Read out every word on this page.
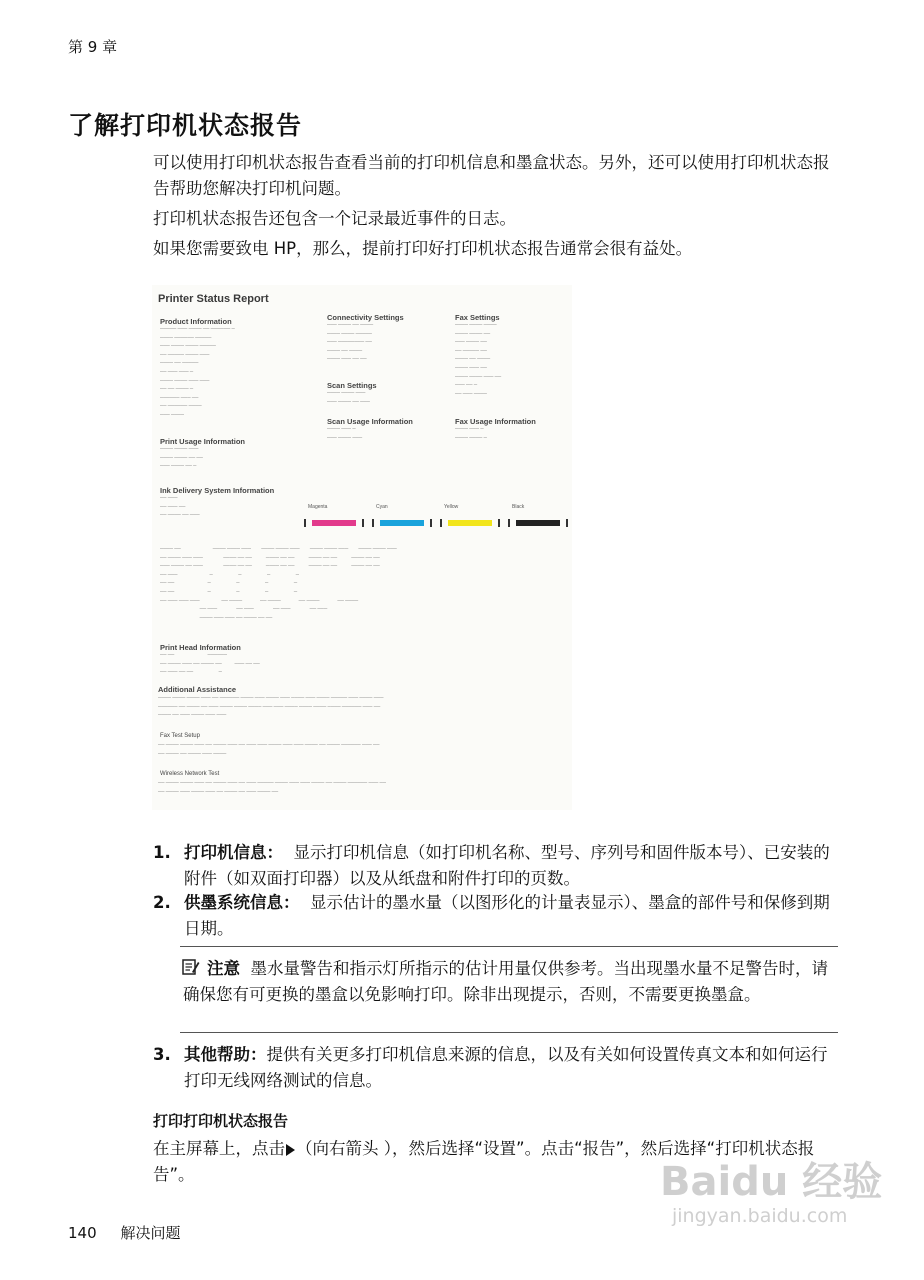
第 9 章
了解打印机状态报告
可以使用打印机状态报告查看当前的打印机信息和墨盒状态。另外，还可以使用打印机状态报告帮助您解决打印机问题。
打印机状态报告还包含一个记录最近事件的日志。
如果您需要致电 HP，那么，提前打印好打印机状态报告通常会很有益处。
Printer Status Report
Product Information
───── ─── ──── ── ────── ─
──── ────── ─────
─── ──── ──── ─────
── ───── ──── ───
──── ── ─────
── ─── ─── ─
──── ──── ─── ───
── ── ──── ─
────── ─── ──
── ────── ────
─── ────
Connectivity Settings
─── ──── ── ────
──── ──── ─────
─── ──────── ──
──── ── ────
──── ─── ── ──
Scan Settings
──── ──── ───
─── ──── ── ───
Scan Usage Information
──── ─── ─
─── ──── ───
Fax Settings
──── ──── ────
──── ──── ──
─── ──── ──
── ───── ──
──── ── ────
──── ─── ──
──── ──── ─── ──
─── ── ─
── ─── ────
Fax Usage Information
──── ─── ─
──── ──── ─
Print Usage Information
──── ──── ───
──── ──── ── ──
─── ──── ── ─
Ink Delivery System Information
── ───
── ─── ──
── ──── ── ───
Magenta	Cyan	Yellow	Black
──── ──                         ──── ──── ───        ──── ──── ───        ──── ──── ───        ──── ──── ───
── ──── ─── ───                ──── ── ──           ──── ── ──           ──── ── ──           ──── ── ──
─── ──── ── ───                ──── ── ──           ──── ── ──           ──── ── ──           ──── ── ──
── ───                         ─                    ─                    ─                    ─
── ──                          ─                    ─                    ─                    ─
── ──                          ─                    ─                    ─                    ─
── ─── ─── ───                 ── ────              ── ────              ── ────              ── ────
── ───               ── ───               ── ───               ── ───
──── ─── ─── ── ──── ── ──
Print Head Information
── ──                          ──────
── ──── ─── ── ──── ──          ─── ── ──
── ─── ── ──                    ─
Additional Assistance
──── ──── ──── ─── ── ────── ──── ─── ──── ─── ──── ─── ──── ───── ─── ──── ───
────── ── ──── ── ─── ──── ──── ──── ─── ─── ──── ──── ──── ──── ────── ─── ──
──── ── ─── ──── ─── ───
Fax Test Setup
── ──── ──── ─── ── ──── ─── ── ─── ─── ──── ─── ─── ──── ── ──── ────── ─── ──
── ──── ── ──── ─── ────
Wireless Network Test
── ──── ──── ─── ── ──── ─── ── ─── ───── ──── ─── ─── ──── ── ──── ────── ─── ──
── ──── ─── ──── ─── ── ──── ── ─── ──── ──
1. 打印机信息： 显示打印机信息（如打印机名称、型号、序列号和固件版本号）、已安装的附件（如双面打印器）以及从纸盘和附件打印的页数。
2. 供墨系统信息： 显示估计的墨水量（以图形化的计量表显示）、墨盒的部件号和保修到期日期。
注意 墨水量警告和指示灯所指示的估计用量仅供参考。当出现墨水量不足警告时，请确保您有可更换的墨盒以免影响打印。除非出现提示，否则，不需要更换墨盒。
3. 其他帮助：提供有关更多打印机信息来源的信息，以及有关如何设置传真文本和如何运行打印无线网络测试的信息。
打印打印机状态报告
在主屏幕上，点击 （向右箭头 ），然后选择“设置”。点击“报告”，然后选择“打印机状态报告”。	Baidu 经验
jingyan.baidu.com
140 解决问题
